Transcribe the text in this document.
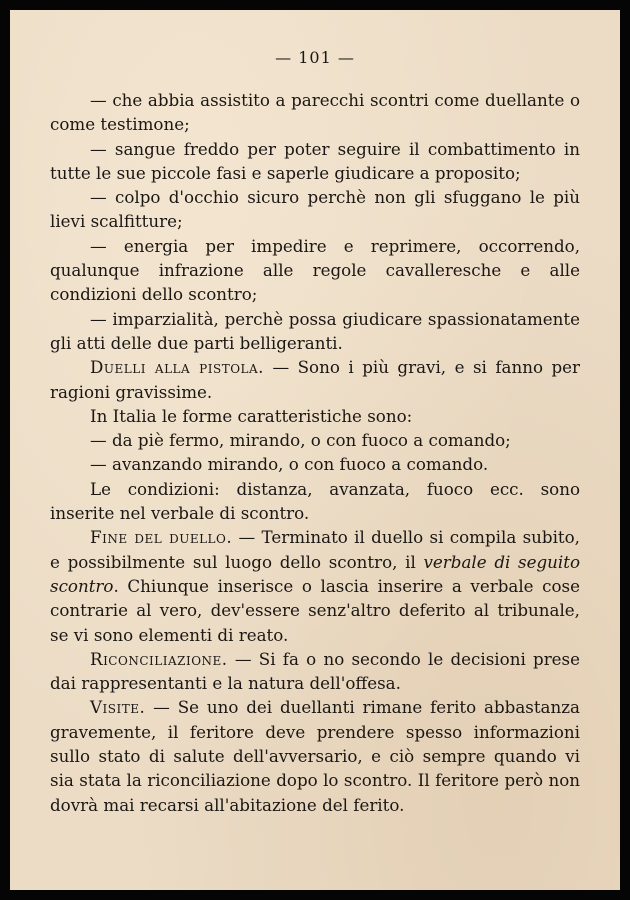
— 101 —

— che abbia assistito a parecchi scontri come duellante o come testimone;

— sangue freddo per poter seguire il combattimento in tutte le sue piccole fasi e saperle giudicare a proposito;

— colpo d'occhio sicuro perchè non gli sfuggano le più lievi scalfitture;

— energia per impedire e reprimere, occorrendo, qualunque infrazione alle regole cavalleresche e alle condizioni dello scontro;

— imparzialità, perchè possa giudicare spassionatamente gli atti delle due parti belligeranti.

Duelli alla pistola. — Sono i più gravi, e si fanno per ragioni gravissime.

In Italia le forme caratteristiche sono:

— da piè fermo, mirando, o con fuoco a comando;

— avanzando mirando, o con fuoco a comando.

Le condizioni: distanza, avanzata, fuoco ecc. sono inserite nel verbale di scontro.

Fine del duello. — Terminato il duello si compila subito, e possibilmente sul luogo dello scontro, il verbale di seguito scontro. Chiunque inserisce o lascia inserire a verbale cose contrarie al vero, dev'essere senz'altro deferito al tribunale, se vi sono elementi di reato.

Riconciliazione. — Si fa o no secondo le decisioni prese dai rappresentanti e la natura dell'offesa.

Visite. — Se uno dei duellanti rimane ferito abbastanza gravemente, il feritore deve prendere spesso informazioni sullo stato di salute dell'avversario, e ciò sempre quando vi sia stata la riconciliazione dopo lo scontro. Il feritore però non dovrà mai recarsi all'abitazione del ferito.
